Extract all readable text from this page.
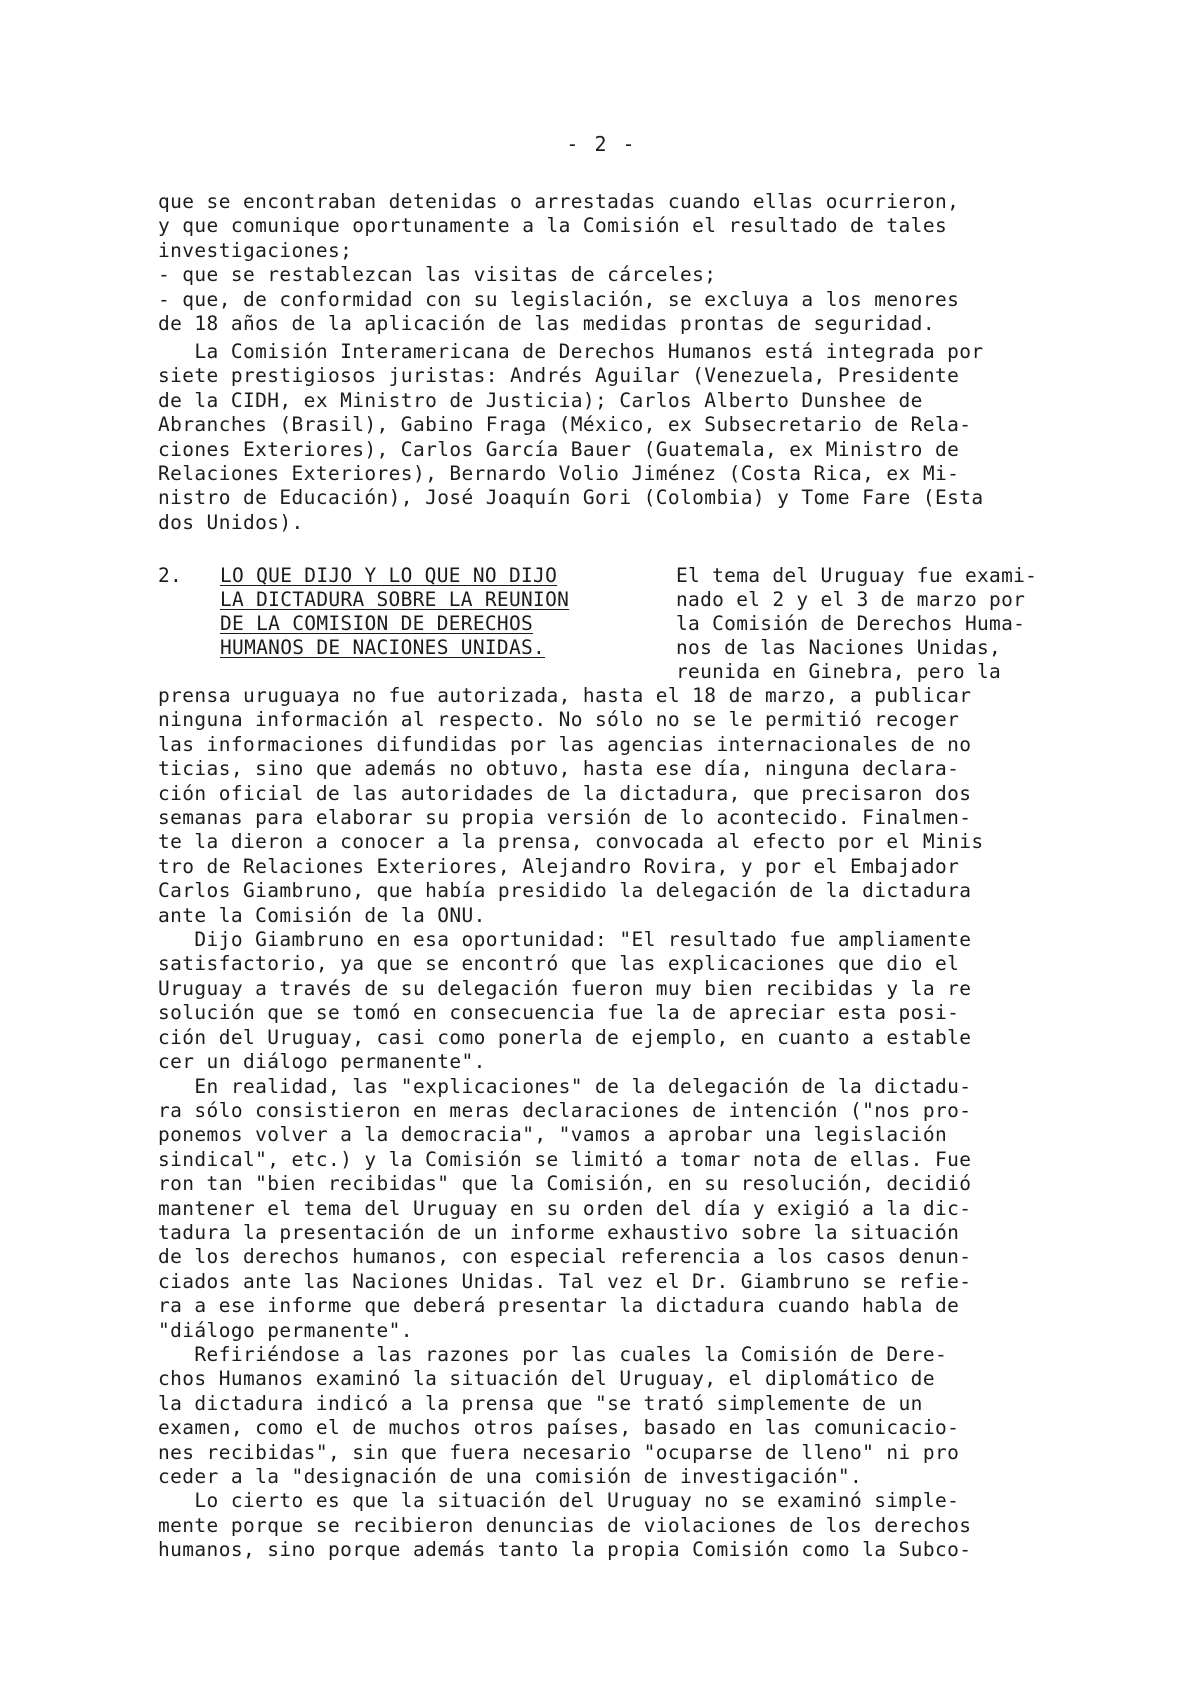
- 2 -
que se encontraban detenidas o arrestadas cuando ellas ocurrieron,
y que comunique oportunamente a la Comisión el resultado de tales
investigaciones;
- que se restablezcan las visitas de cárceles;
- que, de conformidad con su legislación, se excluya a los menores
de 18 años de la aplicación de las medidas prontas de seguridad.
La Comisión Interamericana de Derechos Humanos está integrada por
siete prestigiosos juristas: Andrés Aguilar (Venezuela, Presidente
de la CIDH, ex Ministro de Justicia); Carlos Alberto Dunshee de
Abranches (Brasil), Gabino Fraga (México, ex Subsecretario de Rela-
ciones Exteriores), Carlos García Bauer (Guatemala, ex Ministro de
Relaciones Exteriores), Bernardo Volio Jiménez (Costa Rica, ex Mi-
nistro de Educación), José Joaquín Gori (Colombia) y Tome Fare (Esta
dos Unidos).
2. LO QUE DIJO Y LO QUE NO DIJO
LA DICTADURA SOBRE LA REUNION
DE LA COMISION DE DERECHOS
HUMANOS DE NACIONES UNIDAS.
El tema del Uruguay fue exami-
nado el 2 y el 3 de marzo por
la Comisión de Derechos Huma-
nos de las Naciones Unidas,
reunida en Ginebra, pero la
prensa uruguaya no fue autorizada, hasta el 18 de marzo, a publicar
ninguna información al respecto. No sólo no se le permitió recoger
las informaciones difundidas por las agencias internacionales de no
ticias, sino que además no obtuvo, hasta ese día, ninguna declara-
ción oficial de las autoridades de la dictadura, que precisaron dos
semanas para elaborar su propia versión de lo acontecido. Finalmen-
te la dieron a conocer a la prensa, convocada al efecto por el Minis
tro de Relaciones Exteriores, Alejandro Rovira, y por el Embajador
Carlos Giambruno, que había presidido la delegación de la dictadura
ante la Comisión de la ONU.
Dijo Giambruno en esa oportunidad: "El resultado fue ampliamente
satisfactorio, ya que se encontró que las explicaciones que dio el
Uruguay a través de su delegación fueron muy bien recibidas y la re
solución que se tomó en consecuencia fue la de apreciar esta posi-
ción del Uruguay, casi como ponerla de ejemplo, en cuanto a estable
cer un diálogo permanente".
En realidad, las "explicaciones" de la delegación de la dictadu-
ra sólo consistieron en meras declaraciones de intención ("nos pro-
ponemos volver a la democracia", "vamos a aprobar una legislación
sindical", etc.) y la Comisión se limitó a tomar nota de ellas. Fue
ron tan "bien recibidas" que la Comisión, en su resolución, decidió
mantener el tema del Uruguay en su orden del día y exigió a la dic-
tadura la presentación de un informe exhaustivo sobre la situación
de los derechos humanos, con especial referencia a los casos denun-
ciados ante las Naciones Unidas. Tal vez el Dr. Giambruno se refie-
ra a ese informe que deberá presentar la dictadura cuando habla de
"diálogo permanente".
Refiriéndose a las razones por las cuales la Comisión de Dere-
chos Humanos examinó la situación del Uruguay, el diplomático de
la dictadura indicó a la prensa que "se trató simplemente de un
examen, como el de muchos otros países, basado en las comunicacio-
nes recibidas", sin que fuera necesario "ocuparse de lleno" ni pro
ceder a la "designación de una comisión de investigación".
Lo cierto es que la situación del Uruguay no se examinó simple-
mente porque se recibieron denuncias de violaciones de los derechos
humanos, sino porque además tanto la propia Comisión como la Subco-
